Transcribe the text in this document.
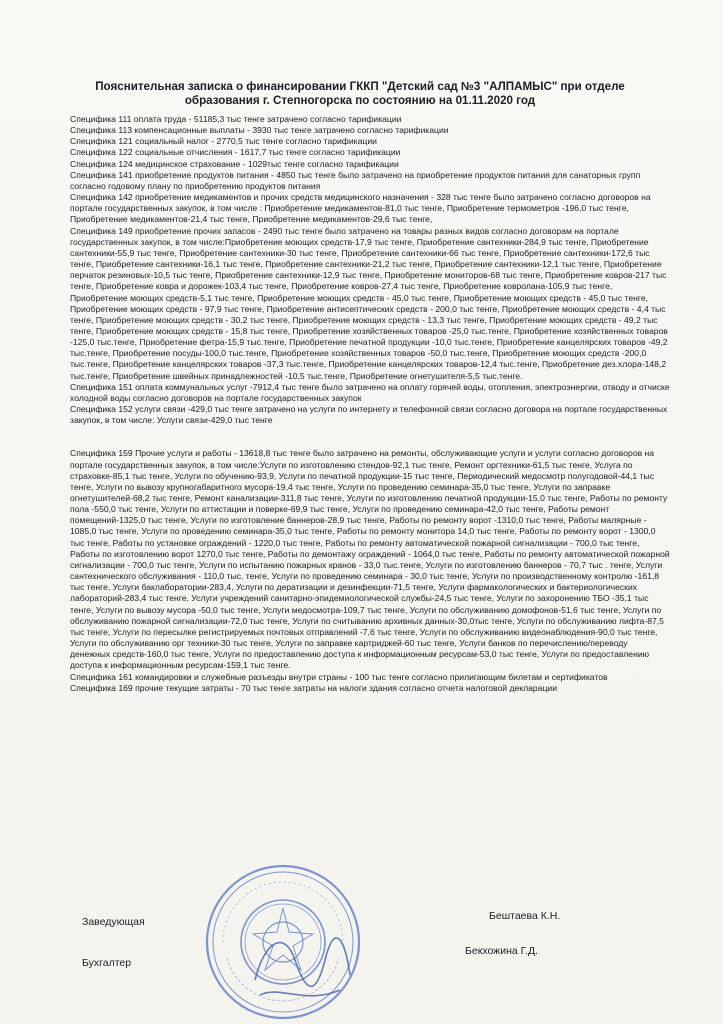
Пояснительная записка о финансировании ГККП "Детский сад №3 "АЛПАМЫС" при отделе
образования г. Степногорска по состоянию на 01.11.2020 год

Специфика 111 оплата труда - 51185,3 тыс тенге затрачено согласно тарификации

Специфика 113 компенсационные выплаты - 3930 тыс тенге затрачено согласно тарификации

Специфика 121 социальный налог - 2770,5 тыс тенге согласно тарификации

Специфика 122 социальные отчисления - 1617,7 тыс тенге согласно тарификации

Специфика 124 медицинское страхование - 1029тыс тенге согласно тарификации

Специфика 141 приобретение продуктов питания - 4850 тыс тенге было затрачено на приобретение продуктов питания для санаторных групп согласно годовому плану по приобретению продуктов питания

Специфика 142 приобретение медикаментов и прочих средств медицинского назначения - 328 тыс тенге было затрачено согласно договоров на портале государственных закупок, в том числе : Приобретение медикаментов-81,0 тыс тенге, Приобретение термометров -196,0 тыс тенге, Приобретение медикаментов-21,4 тыс тенге, Приобретение медикаментов-29,6 тыс тенге,

Специфика 149 приобретение прочих запасов - 2490 тыс тенге было затрачено на товары разных видов согласно договорам на портале государственных закупок, в том числе:Приобретение моющих средств-17,9 тыс тенге, Приобретение сантехники-284,9 тыс тенге, Приобретение сантехники-55,9 тыс тенге, Приобретение сантехники-30 тыс тенге, Приобретение сантехники-66 тыс тенге, Приобретение сантехники-172,6 тыс тенге, Приобретение сантехники-16,1 тыс тенге, Приобретение сантехники-21,2 тыс тенге, Приобретение сантехники-12,1 тыс тенге, Приобретение перчаток резиновых-10,5 тыс тенге, Приобретение сантехники-12,9 тыс тенге, Приобретение мониторов-68 тыс тенге, Приобретение ковров-217 тыс тенге, Приобретение ковра и дорожек-103,4 тыс тенге, Приобретение ковров-27,4 тыс тенге, Приобретение ковролана-105,9 тыс тенге, Приобретение моющих средств-5,1 тыс тенге, Приобретение моющих средств - 45,0 тыс тенге, Приобретение моющих средств - 45,0 тыс тенге, Приобретение моющих средств - 97,9 тыс тенге, Приобретение антисептических средств - 200,0 тыс тенге, Приобретение моющих средств - 4,4 тыс тенге, Приобретение моющих средств - 30,2 тыс тенге, Приобретение моющих средств - 13,3 тыс тенге, Приобретение моющих средств - 49,2 тыс тенге, Приобретение моющих средств - 15,8 тыс тенге, Приобретение хозяйственных товаров -25,0 тыс.тенге, Приобретение хозяйственных товаров -125,0 тыс.тенге, Приобретение фетра-15,9 тыс.тенге, Приобретение печатной продукции -10,0 тыс.тенге, Приобретение канцелярских товаров -49,2 тыс.тенге, Приобретение посуды-100,0 тыс.тенге, Приобретение хозяйственных товаров -50,0 тыс.тенге, Приобретение моющих средств -200,0 тыс.тенге, Приобретение канцелярских товаров -37,3 тыс.тенге, Приобретение канцелярских товаров-12,4 тыс.тенге, Приобретение дез.хлора-148,2 тыс.тенге, Приобретение швейных принадлежностей -10,5 тыс.тенге, Приобретение огнетушителя-5,5 тыс.тенге.

Специфика 151 оплата коммунальных услуг -7912,4 тыс тенге было затрачено на оплату горячей воды, отопления, электроэнергии, отводу и отчиске холодной воды согласно договоров на портале государственных закупок

Специфика 152 услуги связи -429,0 тыс тенге затрачено на услуги по интернету и телефонной связи согласно договора на портале государственных закупок, в том числе: Услуги связи-429,0 тыс тенге

Специфика 159 Прочие услуги и работы - 13618,8 тыс тенге было затрачено на ремонты, обслуживающие услуги и услуги согласно договоров на портале государственных закупок, в том числе:Услуги по изготовлению стендов-92,1 тыс тенге, Ремонт оргтехники-61,5 тыс тенге, Услуга по страховке-85,1 тыс тенге, Услуги по обучению-93,9, Услуги по печатной продукции-15 тыс тенге, Периодический медосмотр полугодовой-44,1 тыс тенге, Услуги по вывозу крупногабаритного мусора-19,4 тыс тенге, Услуги по проведению семинара-35,0 тыс тенге, Услуги по заправке огнетушителей-68,2 тыс тенге, Ремонт канализации-311,8 тыс тенге, Услуги по изготовлению печатной продукции-15,0 тыс тенге, Работы по ремонту пола -550,0 тыс тенге, Услуги по аттистации и поверке-69,9 тыс тенге, Услуги по проведению семинара-42,0 тыс тенге, Работы ремонт помещений-1325,0 тыс тенге, Услуги по изготовление баннеров-28,9 тыс тенге, Работы по ремонту ворот -1310,0 тыс тенге, Работы малярные - 1085,0 тыс тенге, Услуги по проведению семинара-35,0 тыс тенге, Работы по ремонту монитора 14,0 тыс тенге, Работы по ремонту ворот - 1300,0 тыс тенге, Работы по установке ограждений - 1220,0 тыс тенге, Работы по ремонту автоматической пожарной сигнализации - 700,0 тыс тенге, Работы по изготовлению ворот 1270,0 тыс тенге, Работы по демонтажу ограждений - 1064,0 тыс тенге, Работы по ремонту автоматической пожарной сигнализации - 700,0 тыс тенге, Услуги по испытанию пожарных кранов - 33,0 тыс.тенге, Услуги по изготовлению баннеров - 70,7 тыс . тенге, Услуги сантехнического обслуживания - 110,0 тыс. тенге, Услуги по проведению семинара - 30,0 тыс тенге, Услуги по производственному контролю -161,8 тыс тенге, Услуги баклаборатории-283,4, Услуги по дератизации и дезинфекции-71,5 тенге, Услуги фармакологических и бактериологических лабораторий-283,4 тыс тенге, Услуги учреждений санитарно-эпидемиологической службы-24,5 тыс тенге, Услуги по захоронению ТБО -35,1 тыс тенге, Услуги по вывозу мусора -50,0 тыс тенге, Услуги медосмотра-109,7 тыс тенге, Услуги по обслуживанию домофонов-51,6 тыс тенге, Услуги по обслуживанию пожарной сигнализации-72,0 тыс тенге, Услуги по считыванию архивных данных-30,0тыс тенге, Услуги по обслуживанию лифта-87,5 тыс тенге, Услуги по пересылке регистрируемых почтовых отправлений -7,6 тыс тенге, Услуги по обслуживанию видеонаблюдения-90,0 тыс тенге, Услуги по обслуживанию орг техники-30 тыс тенге, Услуги по заправке картриджей-60 тыс тенге, Услуги банков по перечислению/переводу денежных средств-160,0 тыс тенге, Услуги по предоставлению доступа к информационным ресурсам-53,0 тыс тенге, Услуги по предоставлению доступа к информационным ресурсам-159,1 тыс тенге.

Специфика 161 командировки и служебные разъезды внутри страны - 100 тыс тенге согласно прилигающим билетам и сертификатов

Специфика 169 прочие текущие затраты - 70 тыс тенге затраты на налоги здания согласно отчета налоговой декларации

Заведующая	Бештаева К.Н.
Бухгалтер
Бекхожина Г.Д.
